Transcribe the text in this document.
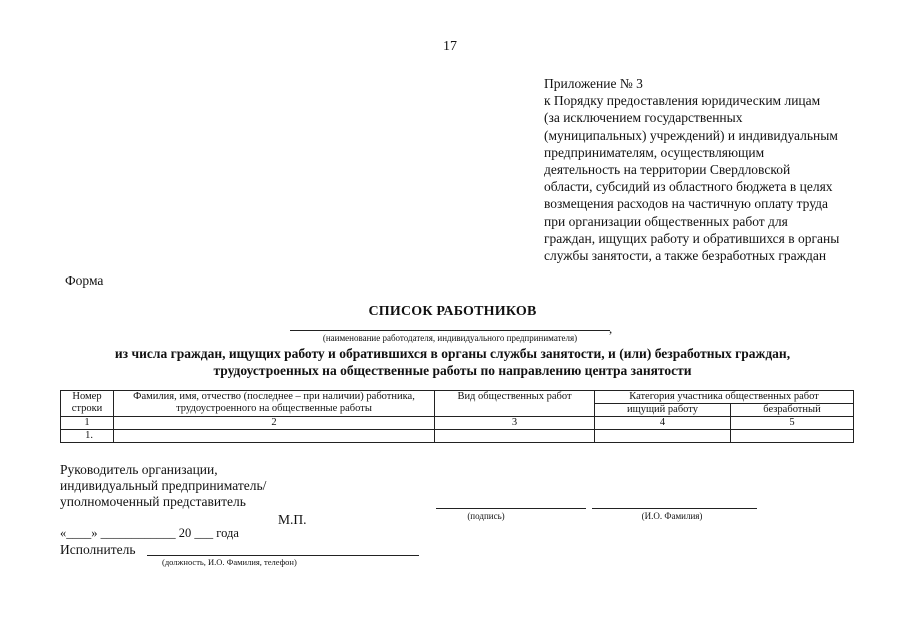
17
Приложение № 3
к Порядку предоставления юридическим лицам
(за исключением государственных
(муниципальных) учреждений) и индивидуальным
предпринимателям, осуществляющим
деятельность на территории Свердловской
области, субсидий из областного бюджета в целях
возмещения расходов на частичную оплату труда
при организации общественных работ для
граждан, ищущих работу и обратившихся в органы
службы занятости, а также безработных граждан
Форма
СПИСОК РАБОТНИКОВ
,
(наименование работодателя, индивидуального предпринимателя)
из числа граждан, ищущих работу и обратившихся в органы службы занятости, и (или) безработных граждан,
трудоустроенных на общественные работы по направлению центра занятости
Номер строки	Фамилия, имя, отчество (последнее – при наличии) работника, трудоустроенного на общественные работы	Вид общественных работ	Категория участника общественных работ	
			ищущий работу	безработный
1	2	3	4	5
1.				
Руководитель организации,
индивидуальный предприниматель/
уполномоченный представитель
М.П.	(подпись)	(И.О. Фамилия)
«____» ____________ 20 ___ года
Исполнитель
(должность, И.О. Фамилия, телефон)
